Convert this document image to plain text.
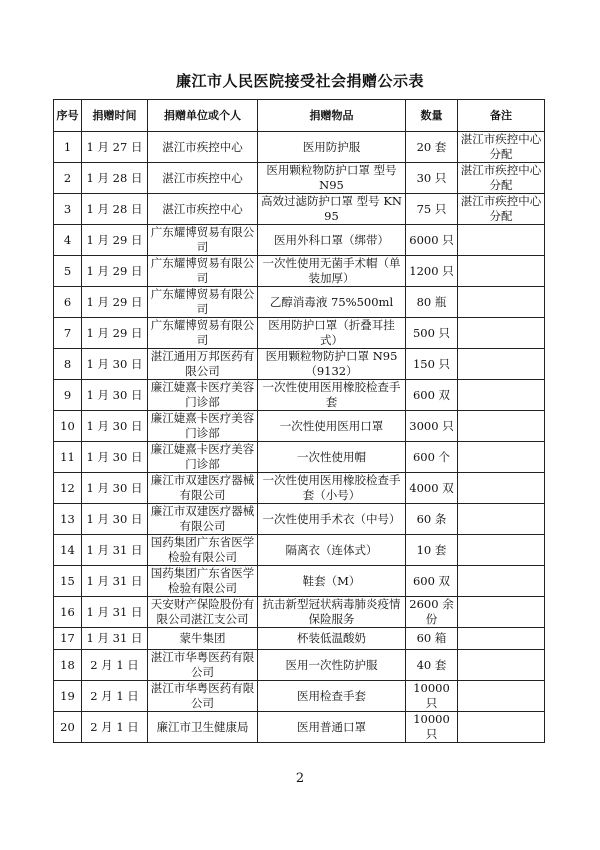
廉江市人民医院接受社会捐赠公示表
序号	捐赠时间	捐赠单位或个人	捐赠物品	数量	备注
1	1 月 27 日	湛江市疾控中心	医用防护服	20 套	湛江市疾控中心分配
2	1 月 28 日	湛江市疾控中心	医用颗粒物防护口罩 型号 N95	30 只	湛江市疾控中心分配
3	1 月 28 日	湛江市疾控中心	高效过滤防护口罩 型号 KN95	75 只	湛江市疾控中心分配
4	1 月 29 日	广东耀博贸易有限公司	医用外科口罩（绑带）	6000 只	
5	1 月 29 日	广东耀博贸易有限公司	一次性使用无菌手术帽（单装加厚）	1200 只	
6	1 月 29 日	广东耀博贸易有限公司	乙醇消毒液 75%500ml	80 瓶	
7	1 月 29 日	广东耀博贸易有限公司	医用防护口罩（折叠耳挂式）	500 只	
8	1 月 30 日	湛江通用万邦医药有限公司	医用颗粒物防护口罩 N95（9132）	150 只	
9	1 月 30 日	廉江婕熹卡医疗美容门诊部	一次性使用医用橡胶检查手套	600 双	
10	1 月 30 日	廉江婕熹卡医疗美容门诊部	一次性使用医用口罩	3000 只	
11	1 月 30 日	廉江婕熹卡医疗美容门诊部	一次性使用帽	600 个	
12	1 月 30 日	廉江市双建医疗器械有限公司	一次性使用医用橡胶检查手套（小号）	4000 双	
13	1 月 30 日	廉江市双建医疗器械有限公司	一次性使用手术衣（中号）	60 条	
14	1 月 31 日	国药集团广东省医学检验有限公司	隔离衣（连体式）	10 套	
15	1 月 31 日	国药集团广东省医学检验有限公司	鞋套（M）	600 双	
16	1 月 31 日	天安财产保险股份有限公司湛江支公司	抗击新型冠状病毒肺炎疫情保险服务	2600 余份	
17	1 月 31 日	蒙牛集团	杯装低温酸奶	60 箱	
18	2 月 1 日	湛江市华粤医药有限公司	医用一次性防护服	40 套	
19	2 月 1 日	湛江市华粤医药有限公司	医用检查手套	10000 只	
20	2 月 1 日	廉江市卫生健康局	医用普通口罩	10000 只	
2
